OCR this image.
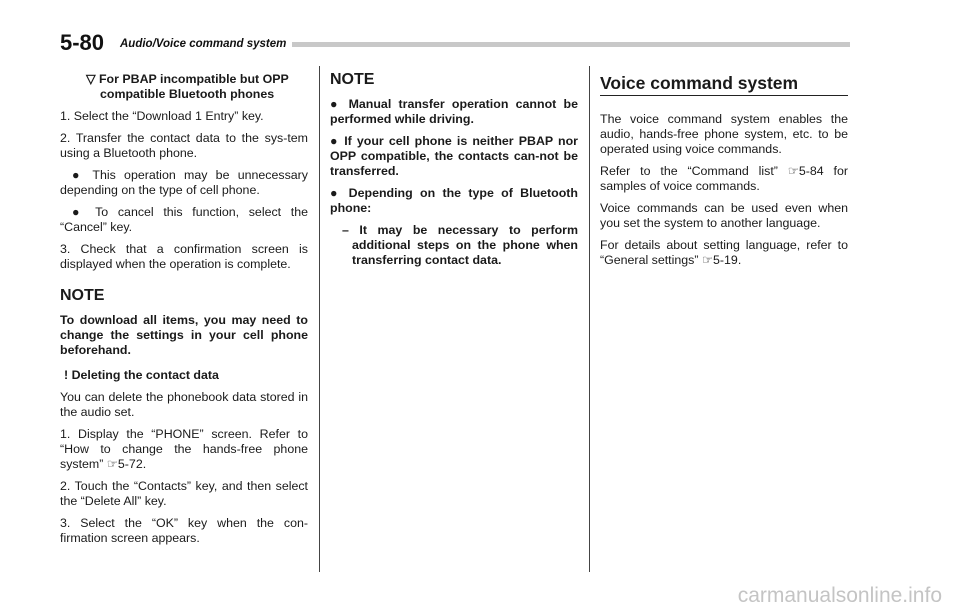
5-80 Audio/Voice command system

▽ For PBAP incompatible but OPP compatible Bluetooth phones

1. Select the “Download 1 Entry” key.

2. Transfer the contact data to the sys-tem using a Bluetooth phone.

● This operation may be unnecessary depending on the type of cell phone.

● To cancel this function, select the “Cancel” key.

3. Check that a confirmation screen is displayed when the operation is complete.

NOTE

To download all items, you may need to change the settings in your cell phone beforehand.

! Deleting the contact data

You can delete the phonebook data stored in the audio set.

1. Display the “PHONE” screen. Refer to “How to change the hands-free phone system” ☞5-72.

2. Touch the “Contacts” key, and then select the “Delete All” key.

3. Select the “OK” key when the con-firmation screen appears.

NOTE

● Manual transfer operation cannot be performed while driving.

● If your cell phone is neither PBAP nor OPP compatible, the contacts can-not be transferred.

● Depending on the type of Bluetooth phone:

– It may be necessary to perform additional steps on the phone when transferring contact data.

Voice command system

The voice command system enables the audio, hands-free phone system, etc. to be operated using voice commands.

Refer to the “Command list” ☞5-84 for samples of voice commands.

Voice commands can be used even when you set the system to another language.

For details about setting language, refer to “General settings” ☞5-19.

carmanualsonline.info
